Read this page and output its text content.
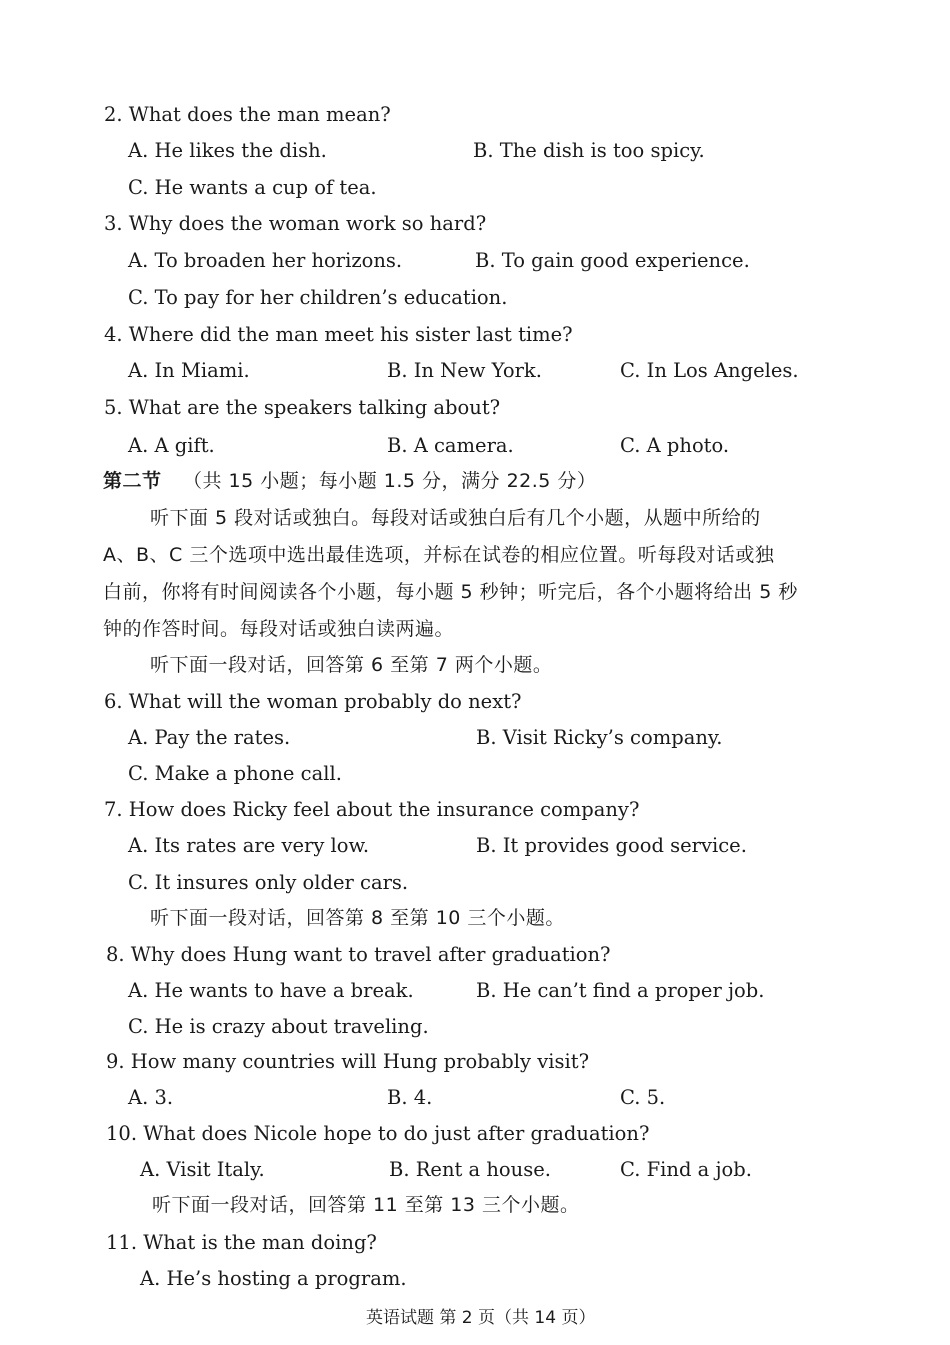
2. What does the man mean?
A. He likes the dish.	B. The dish is too spicy.
C. He wants a cup of tea.
3. Why does the woman work so hard?
A. To broaden her horizons.	B. To gain good experience.
C. To pay for her children’s education.
4. Where did the man meet his sister last time?
A. In Miami.	B. In New York.	C. In Los Angeles.
5. What are the speakers talking about?
A. A gift.	B. A camera.	C. A photo.
第二节 （共 15 小题；每小题 1.5 分，满分 22.5 分）
听下面 5 段对话或独白。每段对话或独白后有几个小题，从题中所给的
A、B、C 三个选项中选出最佳选项，并标在试卷的相应位置。听每段对话或独
白前，你将有时间阅读各个小题，每小题 5 秒钟；听完后，各个小题将给出 5 秒
钟的作答时间。每段对话或独白读两遍。
听下面一段对话，回答第 6 至第 7 两个小题。
6. What will the woman probably do next?
A. Pay the rates.	B. Visit Ricky’s company.
C. Make a phone call.
7. How does Ricky feel about the insurance company?
A. Its rates are very low.	B. It provides good service.
C. It insures only older cars.
听下面一段对话，回答第 8 至第 10 三个小题。
8. Why does Hung want to travel after graduation?
A. He wants to have a break.	B. He can’t find a proper job.
C. He is crazy about traveling.
9. How many countries will Hung probably visit?
A. 3.	B. 4.	C. 5.
10. What does Nicole hope to do just after graduation?
A. Visit Italy.	B. Rent a house.	C. Find a job.
听下面一段对话，回答第 11 至第 13 三个小题。
11. What is the man doing?
A. He’s hosting a program.
英语试题 第 2 页（共 14 页）
